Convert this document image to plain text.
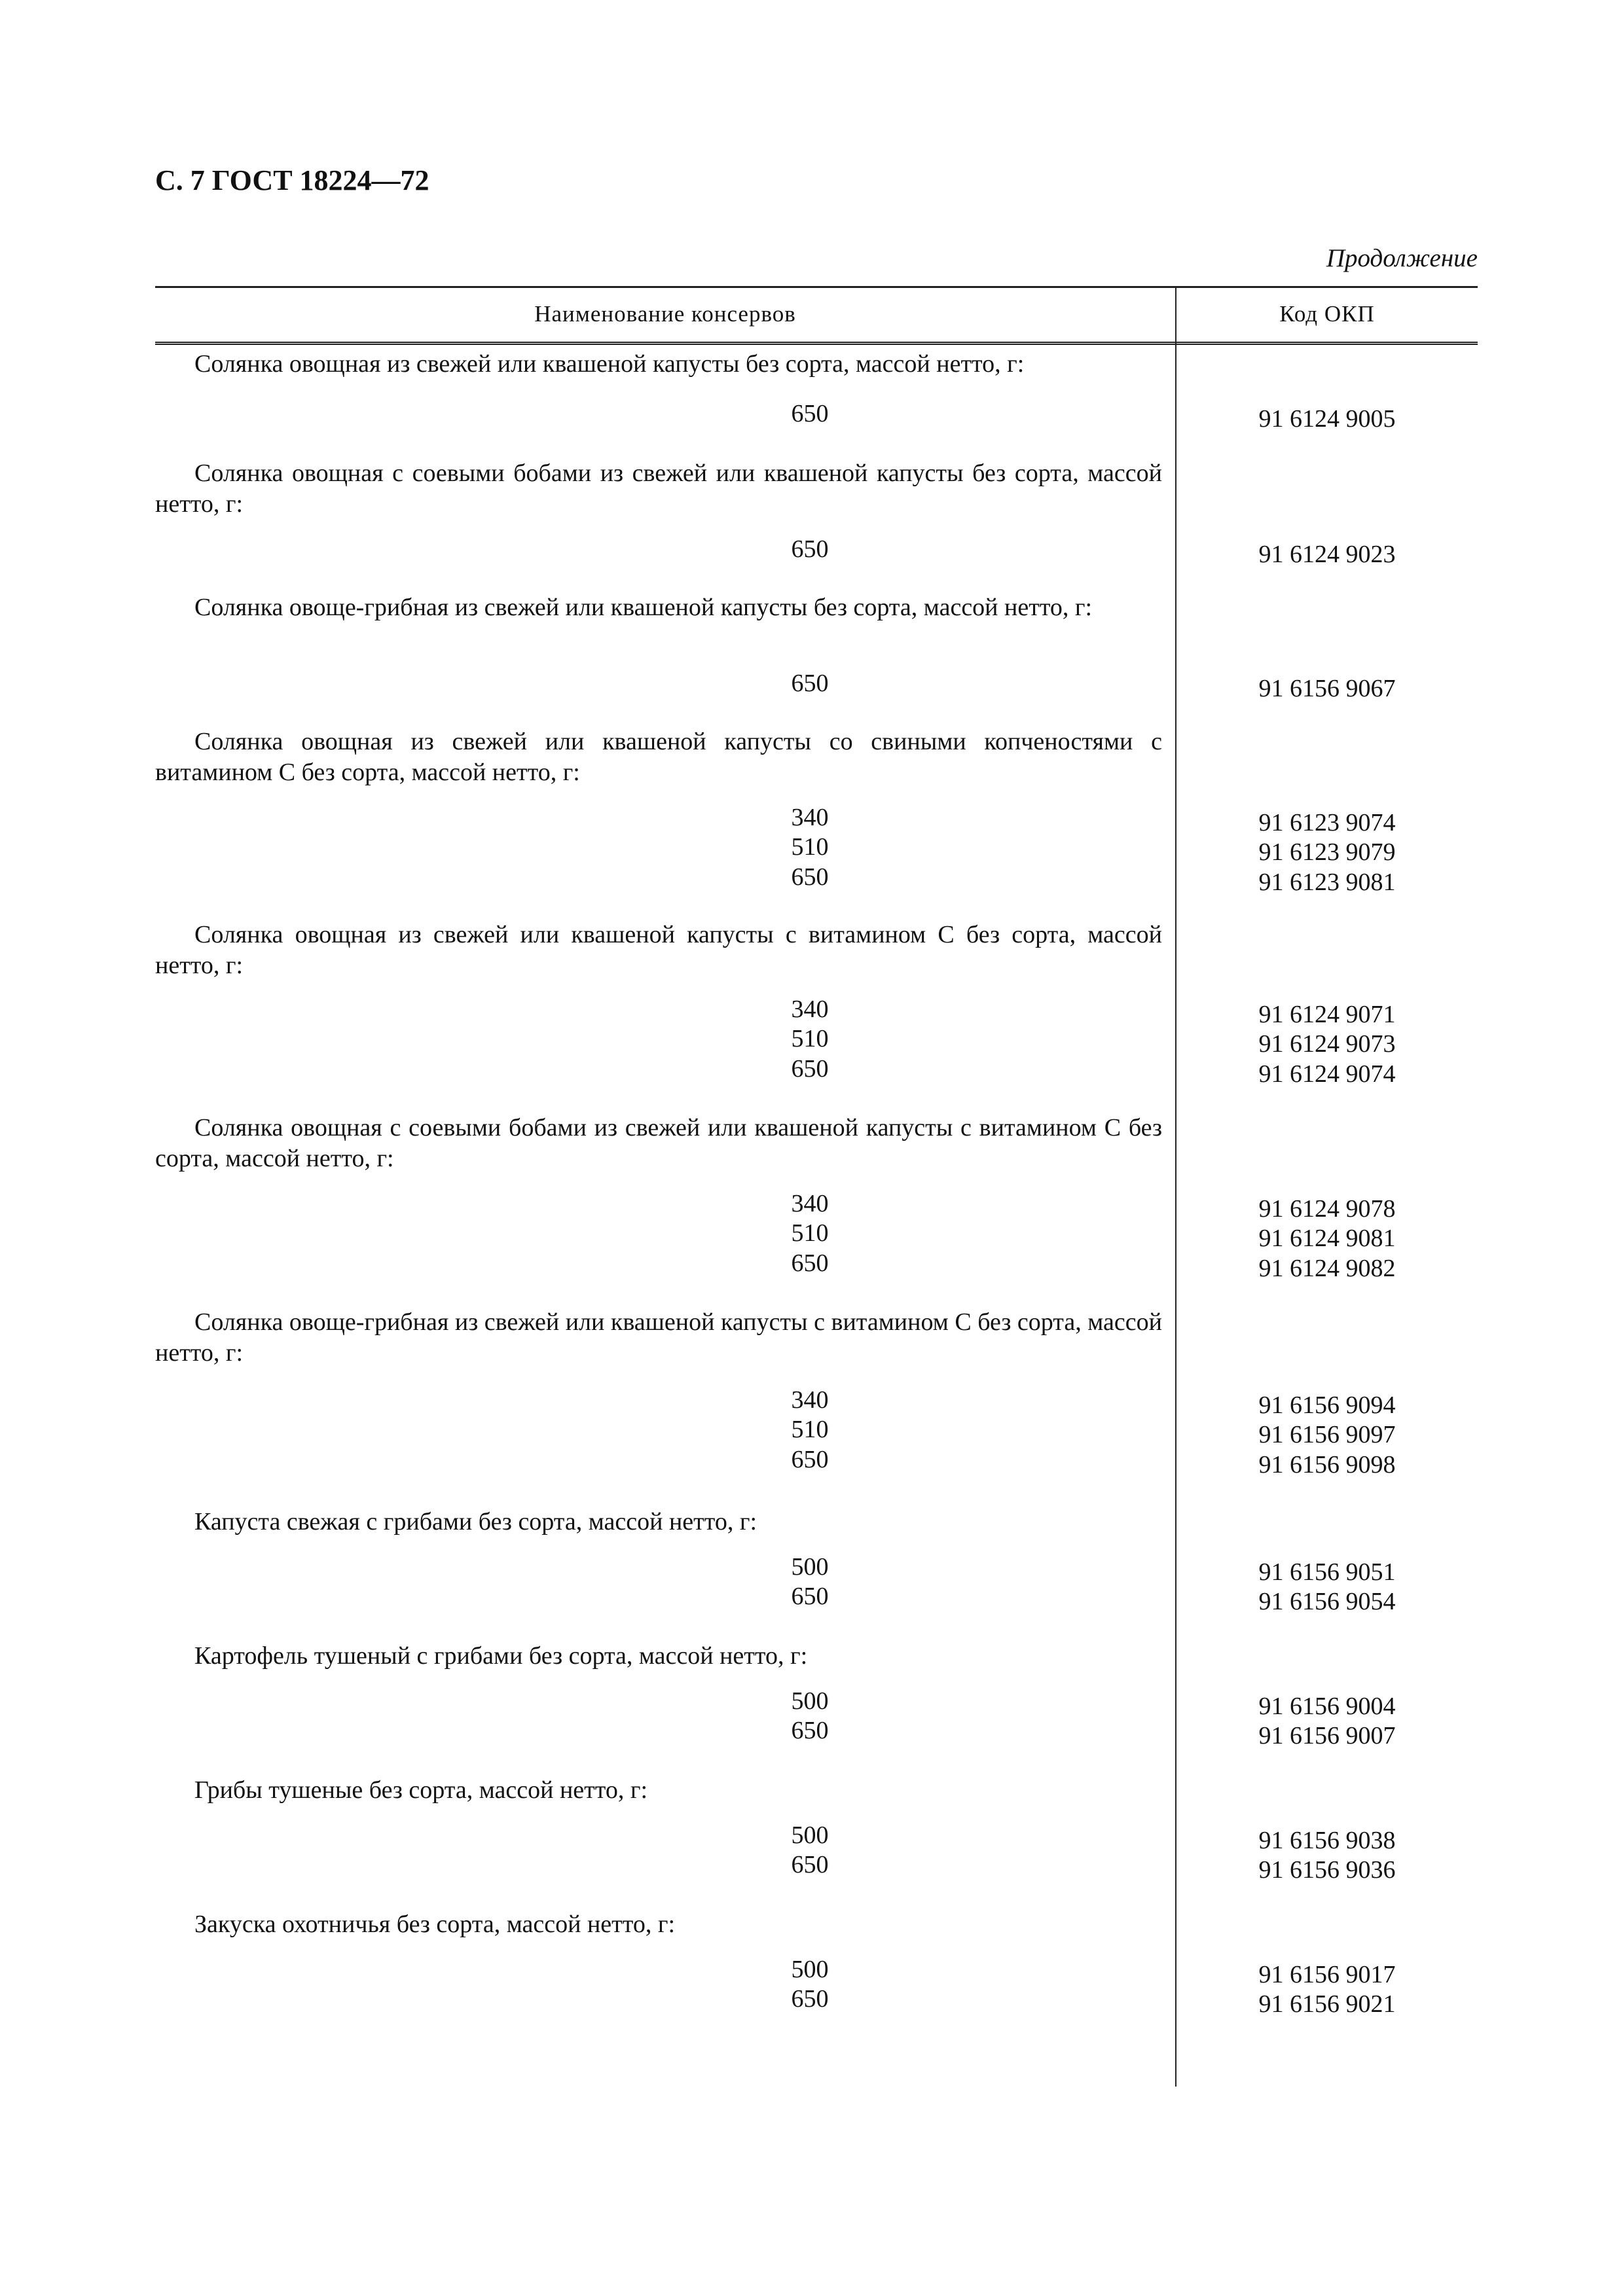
С. 7 ГОСТ 18224—72
Продолжение
Наименование консервов	Код ОКП
Солянка овощная из свежей или квашеной капусты без сорта, массой нетто, г:
650	91 6124 9005
Солянка овощная с соевыми бобами из свежей или квашеной капусты без сорта, массой нетто, г:
650	91 6124 9023
Солянка овоще-грибная из свежей или квашеной капусты без сорта, массой нетто, г:
650	91 6156 9067
Солянка овощная из свежей или квашеной капусты со свиными копченостями с витамином С без сорта, массой нетто, г:
340	91 6123 9074
510	91 6123 9079
650	91 6123 9081
Солянка овощная из свежей или квашеной капусты с витамином С без сорта, массой нетто, г:
340	91 6124 9071
510	91 6124 9073
650	91 6124 9074
Солянка овощная с соевыми бобами из свежей или квашеной капусты с витамином С без сорта, массой нетто, г:
340	91 6124 9078
510	91 6124 9081
650	91 6124 9082
Солянка овоще-грибная из свежей или квашеной капусты с витамином С без сорта, массой нетто, г:
340	91 6156 9094
510	91 6156 9097
650	91 6156 9098
Капуста свежая с грибами без сорта, массой нетто, г:
500	91 6156 9051
650	91 6156 9054
Картофель тушеный с грибами без сорта, массой нетто, г:
500	91 6156 9004
650	91 6156 9007
Грибы тушеные без сорта, массой нетто, г:
500	91 6156 9038
650	91 6156 9036
Закуска охотничья без сорта, массой нетто, г:
500	91 6156 9017
650	91 6156 9021
